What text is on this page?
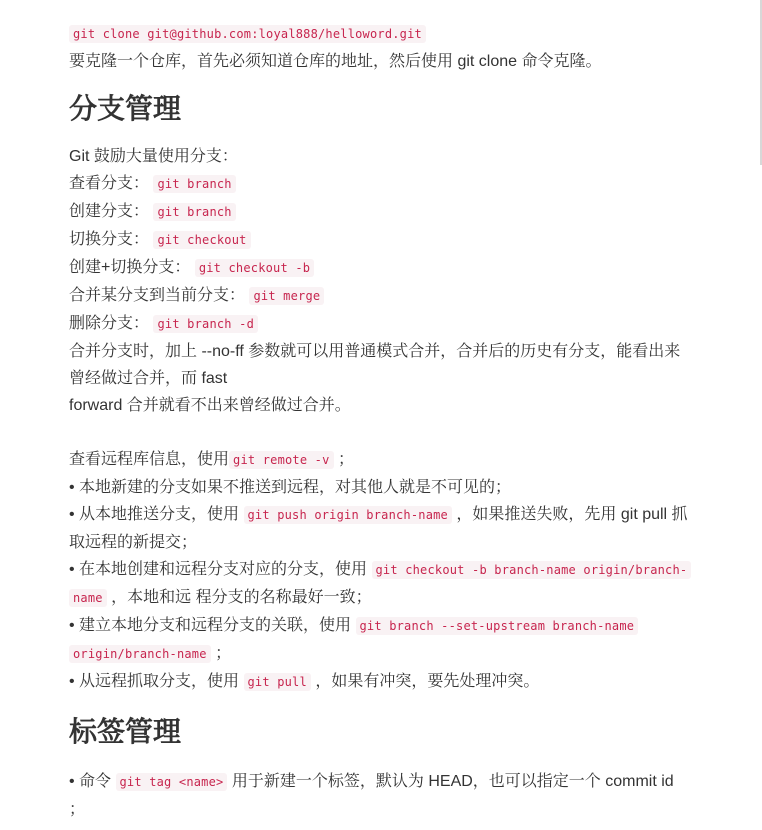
git clone git@github.com:loyal888/helloword.git
要克隆一个仓库，首先必须知道仓库的地址，然后使用 git clone 命令克隆。
分支管理
Git 鼓励大量使用分支：
查看分支： git branch
创建分支： git branch
切换分支： git checkout
创建+切换分支： git checkout -b
合并某分支到当前分支： git merge
删除分支： git branch -d
合并分支时，加上 --no-ff 参数就可以用普通模式合并，合并后的历史有分支，能看出来
曾经做过合并，而 fast
forward 合并就看不出来曾经做过合并。
查看远程库信息，使用 git remote -v ；
• 本地新建的分支如果不推送到远程，对其他人就是不可见的；
• 从本地推送分支，使用 git push origin branch-name ，如果推送失败，先用 git pull 抓
取远程的新提交；
• 在本地创建和远程分支对应的分支，使用 git checkout -b branch-name origin/branch-
name ，本地和远 程分支的名称最好一致；
• 建立本地分支和远程分支的关联，使用 git branch --set-upstream branch-name
origin/branch-name ；
• 从远程抓取分支，使用 git pull ，如果有冲突，要先处理冲突。
标签管理
• 命令 git tag <name> 用于新建一个标签，默认为 HEAD，也可以指定一个 commit id
；
